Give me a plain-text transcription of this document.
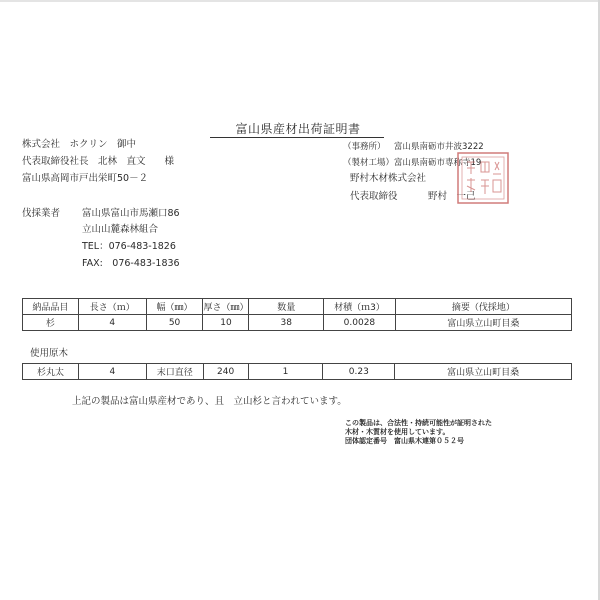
富山県産材出荷証明書
株式会社　ホクリン　御中
代表取締役社長　北林　直文　　様
富山県高岡市戸出栄町50－２
（事務所） 富山県南砺市井波3222
（製材工場） 富山県南砺市専称寺19
野村木材株式会社
代表取締役	野村　一己
伐採業者 富山県富山市馬瀬口86
立山山麓森林組合
TEL：076-483-1826
FAX:　076-483-1836
納品品目	長さ（ｍ）	幅（㎜）	厚さ（㎜）	数量	材積（ｍ3）	摘要（伐採地）
杉	4	50	10	38	0.0028	富山県立山町目桑
使用原木
杉丸太	4	末口直径	240	1	0.23	富山県立山町目桑
上記の製品は富山県産材であり、且　立山杉と言われています。
この製品は、合法性・持続可能性が証明された
木材・木質材を使用しています。
団体認定番号　富山県木連第０５２号
